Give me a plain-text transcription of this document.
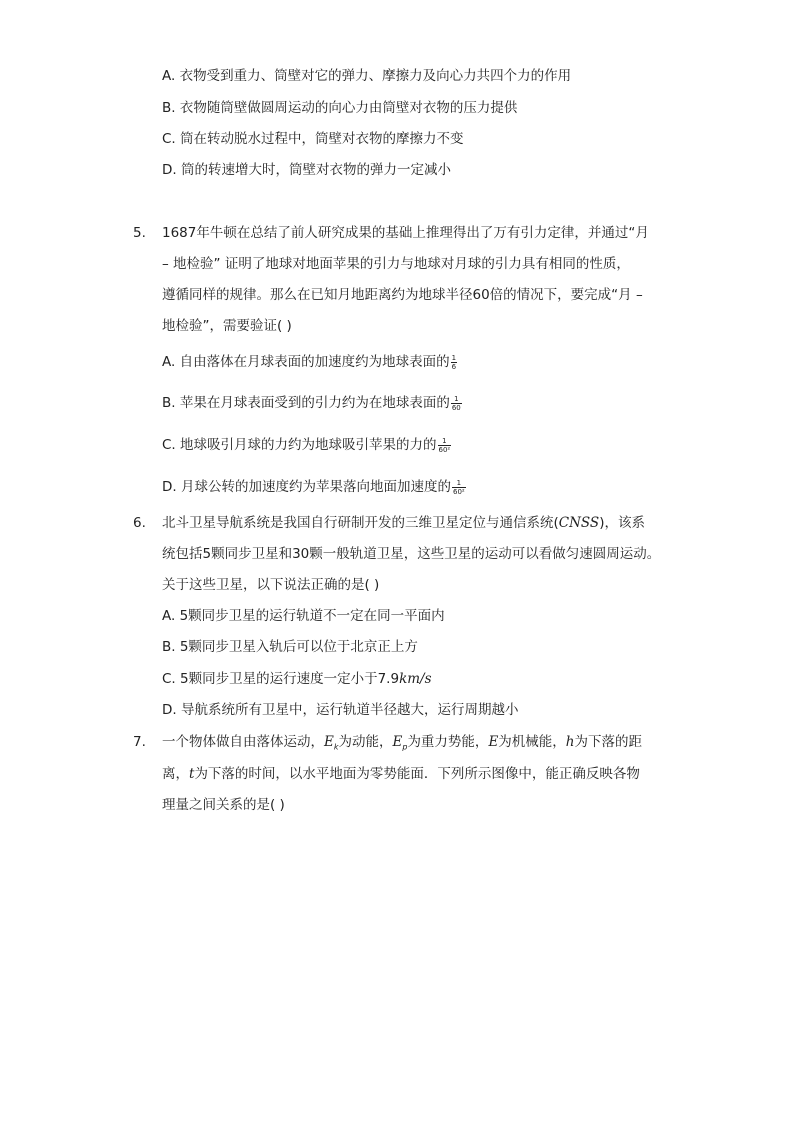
A. 衣物受到重力、筒壁对它的弹力、摩擦力及向心力共四个力的作用
B. 衣物随筒壁做圆周运动的向心力由筒壁对衣物的压力提供
C. 筒在转动脱水过程中，筒壁对衣物的摩擦力不变
D. 筒的转速增大时，筒壁对衣物的弹力一定减小
5. 1687年牛顿在总结了前人研究成果的基础上推理得出了万有引力定律，并通过“月
– 地检验” 证明了地球对地面苹果的引力与地球对月球的引力具有相同的性质，
遵循同样的规律。那么在已知月地距离约为地球半径60倍的情况下，要完成“月 –
地检验”，需要验证( )
A. 自由落体在月球表面的加速度约为地球表面的 $\frac{1}{6}$
B. 苹果在月球表面受到的引力约为在地球表面的 $\frac{1}{60}$
C. 地球吸引月球的力约为地球吸引苹果的力的 $\frac{1}{\text{60²}}$
D. 月球公转的加速度约为苹果落向地面加速度的 $\frac{1}{\text{60²}}$
6. 北斗卫星导航系统是我国自行研制开发的三维卫星定位与通信系统(CNSS)，该系
统包括5颗同步卫星和30颗一般轨道卫星，这些卫星的运动可以看做匀速圆周运动。
关于这些卫星，以下说法正确的是( )
A. 5颗同步卫星的运行轨道不一定在同一平面内
B. 5颗同步卫星入轨后可以位于北京正上方
C. 5颗同步卫星的运行速度一定小于7.9km/s
D. 导航系统所有卫星中，运行轨道半径越大，运行周期越小
7. 一个物体做自由落体运动，$E_k$为动能，$E_p$为重力势能，E为机械能，h为下落的距
离，t为下落的时间，以水平地面为零势能面．下列所示图像中，能正确反映各物
理量之间关系的是( )
